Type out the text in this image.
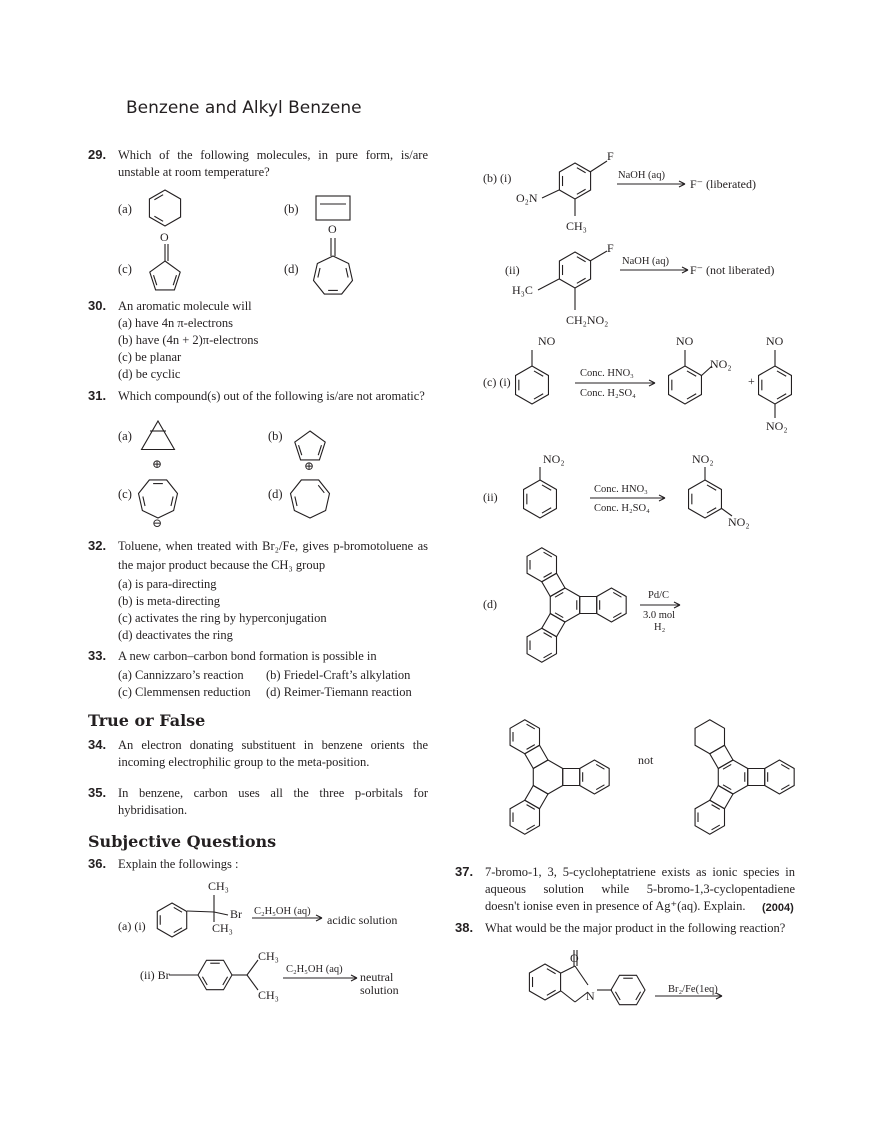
Benzene and Alkyl Benzene
29. Which of the following molecules, in pure form, is/are
unstable at room temperature?
(a)	(b)
(c)	(d)
30. An aromatic molecule will
(a) have 4n π-electrons
(b) have (4n + 2)π-electrons
(c) be planar
(d) be cyclic
31. Which compound(s) out of the following is/are not aromatic?
(a)	(b)
(c)	(d)
32. Toluene, when treated with Br₂/Fe, gives p-bromotoluene as
the major product because the CH₃ group
(a) is para-directing
(b) is meta-directing
(c) activates the ring by hyperconjugation
(d) deactivates the ring
33. A new carbon–carbon bond formation is possible in
(a) Cannizzaro’s reaction (b) Friedel-Craft’s alkylation
(c) Clemmensen reduction (d) Reimer-Tiemann reaction
True or False
34. An electron donating substituent in benzene orients the
incoming electrophilic group to the meta-position.
35. In benzene, carbon uses all the three p-orbitals for
hybridisation.
Subjective Questions
36. Explain the followings :	37. 7-bromo-1, 3, 5-cycloheptatriene exists as ionic species in
aqueous solution while 5-bromo-1,3-cyclopentadiene
doesn't ionise even in presence of Ag⁺(aq). Explain. (2004)
38. What would be the major product in the following reaction?
O
O
⊕	⊕
⊖
(a) (i)
CH₃
Br
CH₃
C₂H₅OH (aq)
acidic solution
(ii) Br
CH₃
CH₃
C₂H₅OH (aq)
neutral
solution
(b) (i)
F
O₂N
CH₃
NaOH (aq)
F⁻ (liberated)
(ii)
F
H₃C
CH₂NO₂
NaOH (aq)
F⁻ (not liberated)
(c) (i)
NO
Conc. HNO₃
Conc. H₂SO₄
NO
NO₂
+
NO
NO₂
(ii)
NO₂
Conc. HNO₃
Conc. H₂SO₄
NO₂
NO₂
(d)
Pd/C
3.0 mol
H₂
not
O
N	Br₂/Fe(1eq)
